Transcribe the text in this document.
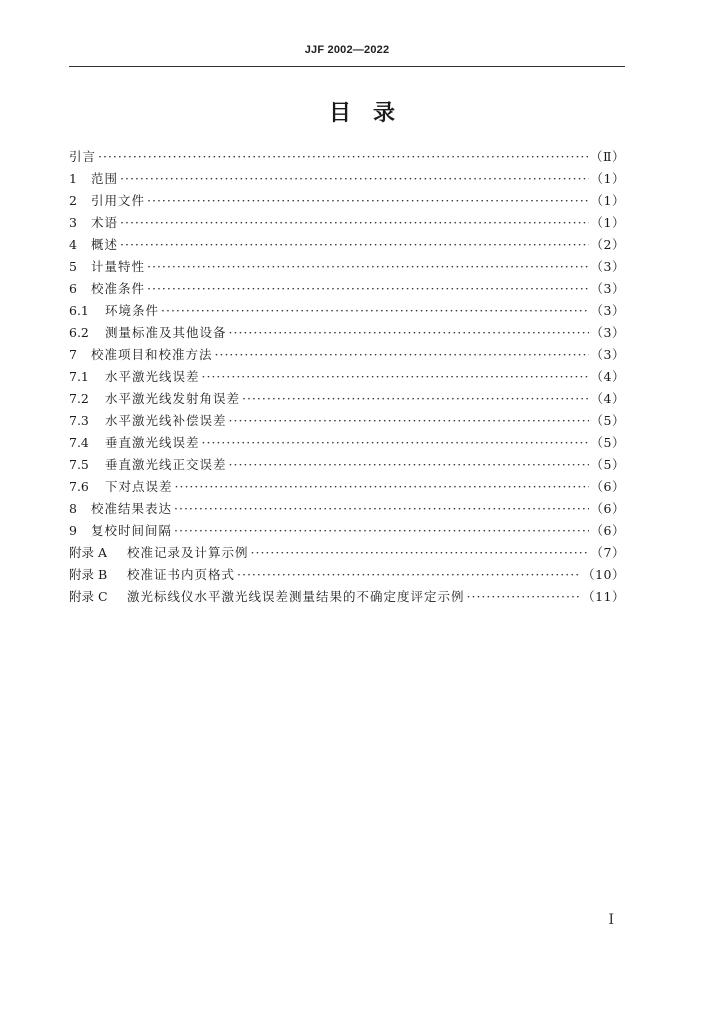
JJF 2002—2022
目　录
引言 ·····	（Ⅱ）
1	范围 ·····	（1）
2	引用文件 ·····	（1）
3	术语 ·····	（1）
4	概述 ·····	（2）
5	计量特性 ·····	（3）
6	校准条件 ·····	（3）
6.1	环境条件 ·····	（3）
6.2	测量标准及其他设备 ·····	（3）
7	校准项目和校准方法 ·····	（3）
7.1	水平激光线误差 ·····	（4）
7.2	水平激光线发射角误差 ·····	（4）
7.3	水平激光线补偿误差 ·····	（5）
7.4	垂直激光线误差 ·····	（5）
7.5	垂直激光线正交误差 ·····	（5）
7.6	下对点误差 ·····	（6）
8	校准结果表达 ·····	（6）
9	复校时间间隔 ·····	（6）
附录 A	校准记录及计算示例 ·····	（7）
附录 B	校准证书内页格式 ·····	（10）
附录 C	激光标线仪水平激光线误差测量结果的不确定度评定示例 ·····	（11）
I
